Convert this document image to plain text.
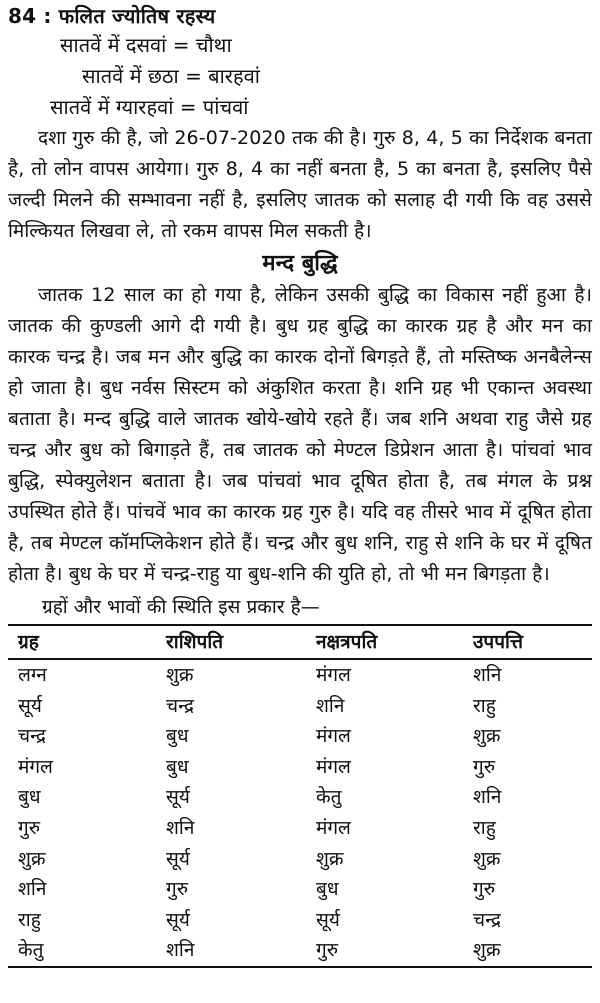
84 : फलित ज्योतिष रहस्य
सातवें में दसवां = चौथा
सातवें में छठा = बारहवां
सातवें में ग्यारहवां = पांचवां

दशा गुरु की है, जो 26-07-2020 तक की है। गुरु 8, 4, 5 का निर्देशक बनता है, तो लोन वापस आयेगा। गुरु 8, 4 का नहीं बनता है, 5 का बनता है, इसलिए पैसे जल्दी मिलने की सम्भावना नहीं है, इसलिए जातक को सलाह दी गयी कि वह उससे मिल्कियत लिखवा ले, तो रकम वापस मिल सकती है।

मन्द बुद्धि

जातक 12 साल का हो गया है, लेकिन उसकी बुद्धि का विकास नहीं हुआ है। जातक की कुण्डली आगे दी गयी है। बुध ग्रह बुद्धि का कारक ग्रह है और मन का कारक चन्द्र है। जब मन और बुद्धि का कारक दोनों बिगड़ते हैं, तो मस्तिष्क अनबैलेन्स हो जाता है। बुध नर्वस सिस्टम को अंकुशित करता है। शनि ग्रह भी एकान्त अवस्था बताता है। मन्द बुद्धि वाले जातक खोये-खोये रहते हैं। जब शनि अथवा राहु जैसे ग्रह चन्द्र और बुध को बिगाड़ते हैं, तब जातक को मेण्टल डिप्रेशन आता है। पांचवां भाव बुद्धि, स्पेक्युलेशन बताता है। जब पांचवां भाव दूषित होता है, तब मंगल के प्रश्न उपस्थित होते हैं। पांचवें भाव का कारक ग्रह गुरु है। यदि वह तीसरे भाव में दूषित होता है, तब मेण्टल कॉमप्लिकेशन होते हैं। चन्द्र और बुध शनि, राहु से शनि के घर में दूषित होता है। बुध के घर में चन्द्र-राहु या बुध-शनि की युति हो, तो भी मन बिगड़ता है।

ग्रहों और भावों की स्थिति इस प्रकार है—

ग्रह	राशिपति	नक्षत्रपति	उपपत्ति
लग्न	शुक्र	मंगल	शनि
सूर्य	चन्द्र	शनि	राहु
चन्द्र	बुध	मंगल	शुक्र
मंगल	बुध	मंगल	गुरु
बुध	सूर्य	केतु	शनि
गुरु	शनि	मंगल	राहु
शुक्र	सूर्य	शुक्र	शुक्र
शनि	गुरु	बुध	गुरु
राहु	सूर्य	सूर्य	चन्द्र
केतु	शनि	गुरु	शुक्र
